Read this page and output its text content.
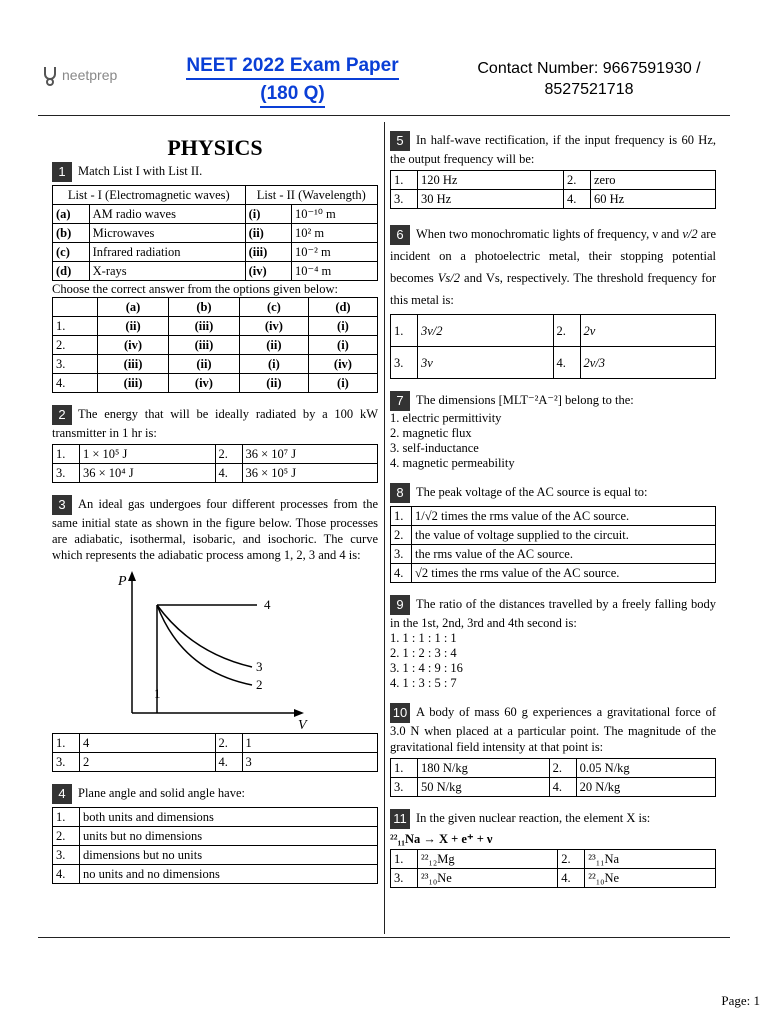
neetprep	NEET 2022 Exam Paper
(180 Q)
Contact Number: 9667591930 /
8527521718
PHYSICS
1 Match List I with List II.
List - I (Electromagnetic waves)		List - II (Wavelength)	
(a)	AM radio waves	(i)	10⁻¹⁰ m
(b)	Microwaves	(ii)	10² m
(c)	Infrared radiation	(iii)	10⁻² m
(d)	X-rays	(iv)	10⁻⁴ m
Choose the correct answer from the options given below:
	(a)	(b)	(c)	(d)
1.	(ii)	(iii)	(iv)	(i)
2.	(iv)	(iii)	(ii)	(i)
3.	(iii)	(ii)	(i)	(iv)
4.	(iii)	(iv)	(ii)	(i)
2 The energy that will be ideally radiated by a 100 kW transmitter in 1 hr is:
1.	1 × 10⁵ J	2.	36 × 10⁷ J
3.	36 × 10⁴ J	4.	36 × 10⁵ J
3 An ideal gas undergoes four different processes from the same initial state as shown in the figure below. Those processes are adiabatic, isothermal, isobaric, and isochoric. The curve which represents the adiabatic process among 1, 2, 3 and 4 is:
P
V
1
2
3
4
1.	4	2.	1
3.	2	4.	3
4 Plane angle and solid angle have:
1.	both units and dimensions
2.	units but no dimensions
3.	dimensions but no units
4.	no units and no dimensions
5 In half-wave rectification, if the input frequency is 60 Hz, the output frequency will be:
1.	120 Hz	2.	zero
3.	30 Hz	4.	60 Hz
6 When two monochromatic lights of frequency, ν and ν/2 are incident on a photoelectric metal, their stopping potential becomes Vs/2 and Vs, respectively. The threshold frequency for this metal is:
1.	3ν/2	2.	2ν
3.	3ν	4.	2ν/3
7 The dimensions [MLT⁻²A⁻²] belong to the:
1. electric permittivity
2. magnetic flux
3. self-inductance
4. magnetic permeability
8 The peak voltage of the AC source is equal to:
1.	1/√2 times the rms value of the AC source.
2.	the value of voltage supplied to the circuit.
3.	the rms value of the AC source.
4.	√2 times the rms value of the AC source.
9 The ratio of the distances travelled by a freely falling body in the 1st, 2nd, 3rd and 4th second is:
1. 1 : 1 : 1 : 1
2. 1 : 2 : 3 : 4
3. 1 : 4 : 9 : 16
4. 1 : 3 : 5 : 7
10 A body of mass 60 g experiences a gravitational force of 3.0 N when placed at a particular point. The magnitude of the gravitational field intensity at that point is:
1.	180 N/kg	2.	0.05 N/kg
3.	50 N/kg	4.	20 N/kg
11 In the given nuclear reaction, the element X is:
²²₁₁Na → X + e⁺ + ν
1.	²²₁₂Mg	2.	²³₁₁Na
3.	²³₁₀Ne	4.	²²₁₀Ne
Page: 1
